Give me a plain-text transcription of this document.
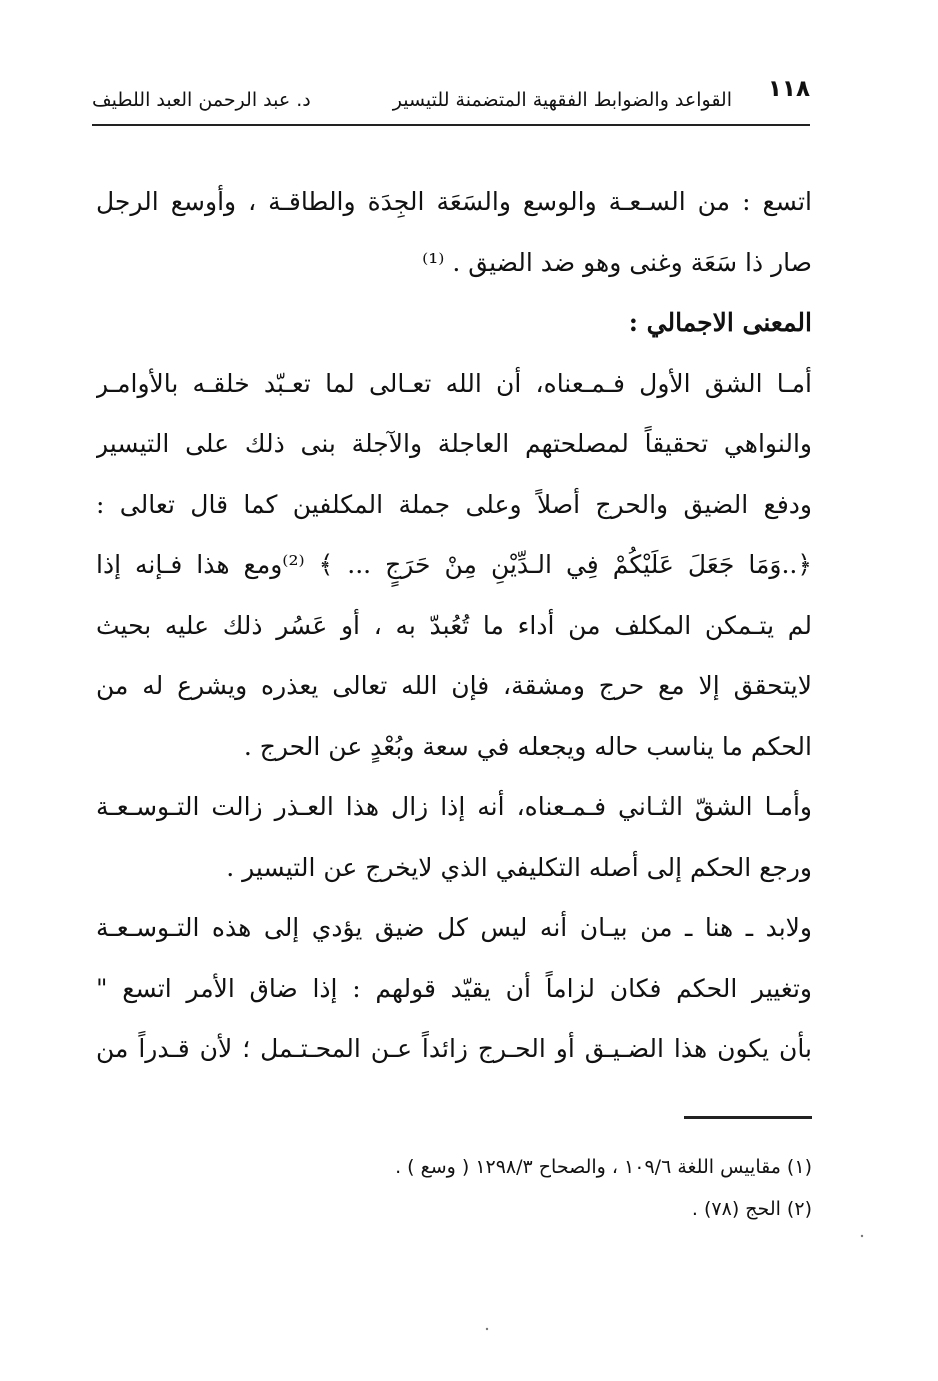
١١٨
القواعد والضوابط الفقهية المتضمنة للتيسير
د. عبد الرحمن العبد اللطيف
اتسع : من السـعـة والوسع والسَعَة الجِدَة والطاقـة ، وأوسع الرجل
صار ذا سَعَة وغنى وهو ضد الضيق . ⁽¹⁾
المعنى الاجمالي :
أمـا الشق الأول فـمـعناه، أن الله تعـالى لما تعـبّد خلقـه بالأوامـر
والنواهي تحقيقاً لمصلحتهم العاجلة والآجلة بنى ذلك على التيسير
ودفع الضيق والحرج أصلاً وعلى جملة المكلفين كما قال تعالى :
﴿..وَمَا جَعَلَ عَلَيْكُمْ فِي الـدِّيْنِ مِنْ حَرَجٍ ... ﴾ ⁽²⁾ومع هذا فـإنه إذا
لم يتـمكن المكلف من أداء ما تُعُبدّ به ، أو عَسُر ذلك عليه بحيث
لايتحقق إلا مع حرج ومشقة، فإن الله تعالى يعذره ويشرع له من
الحكم ما يناسب حاله ويجعله في سعة وبُعْدٍ عن الحرج .
وأمـا الشقّ الثـاني فـمـعناه، أنه إذا زال هذا العـذر زالت التـوسـعـة
ورجع الحكم إلى أصله التكليفي الذي لايخرج عن التيسير .
ولابد ـ هنا ـ من بيـان أنه ليس كل ضيق يؤدي إلى هذه التـوسـعـة
وتغيير الحكم فكان لزاماً أن يقيّد قولهم : إذا ضاق الأمر اتسع "
بأن يكون هذا الضـيـق أو الحـرج زائداً عـن المحـتـمل ؛ لأن قـدراً من
(١) مقاييس اللغة ١٠٩/٦ ، والصحاح ١٢٩٨/٣ ( وسع ) .
(٢) الحج (٧٨) .
